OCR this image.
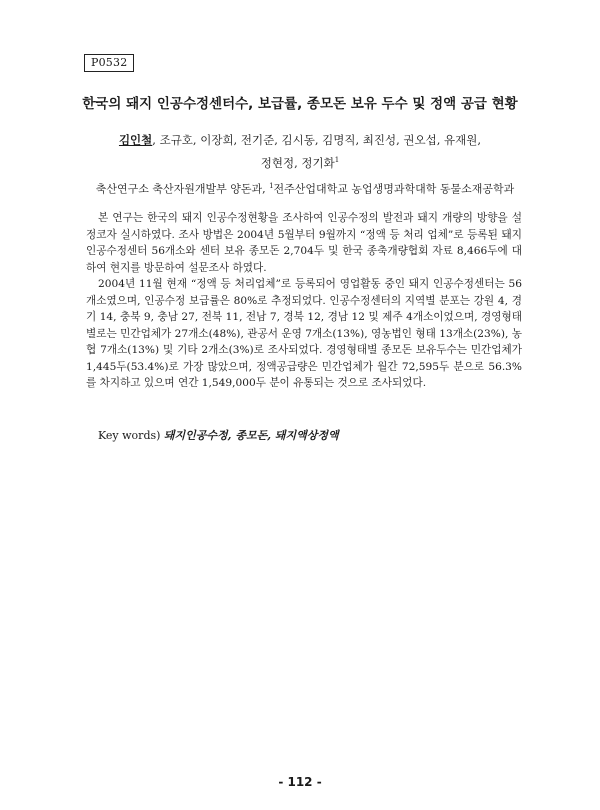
P0532
한국의 돼지 인공수정센터수, 보급률, 종모돈 보유 두수 및 정액 공급 현황
김인철, 조규호, 이장희, 전기준, 김시동, 김명직, 최진성, 권오섭, 유재원,
정현정, 정기화$^1$
축산연구소 축산자원개발부 양돈과, $^1$전주산업대학교 농업생명과학대학 동물소재공학과

본 연구는 한국의 돼지 인공수정현황을 조사하여 인공수정의 발전과 돼지 개량의 방향을 설정코자 실시하였다. 조사 방법은 2004년 5월부터 9월까지 “정액 등 처리 업체”로 등록된 돼지 인공수정센터 56개소와 센터 보유 종모돈 2,704두 및 한국 종축개량협회 자료 8,466두에 대하여 현지를 방문하여 설문조사 하였다.

2004년 11월 현재 “정액 등 처리업체”로 등록되어 영업활동 중인 돼지 인공수정센터는 56개소였으며, 인공수정 보급률은 80%로 추정되었다. 인공수정센터의 지역별 분포는 강원 4, 경기 14, 충북 9, 충남 27, 전북 11, 전남 7, 경북 12, 경남 12 및 제주 4개소이었으며, 경영형태별로는 민간업체가 27개소(48%), 관공서 운영 7개소(13%), 영농법인 형태 13개소(23%), 농협 7개소(13%) 및 기타 2개소(3%)로 조사되었다. 경영형태별 종모돈 보유두수는 민간업체가 1,445두(53.4%)로 가장 많았으며, 정액공급량은 민간업체가 월간 72,595두 분으로 56.3%를 차지하고 있으며 연간 1,549,000두 분이 유통되는 것으로 조사되었다.

Key words) 돼지인공수정, 종모돈, 돼지액상정액
- 112 -
